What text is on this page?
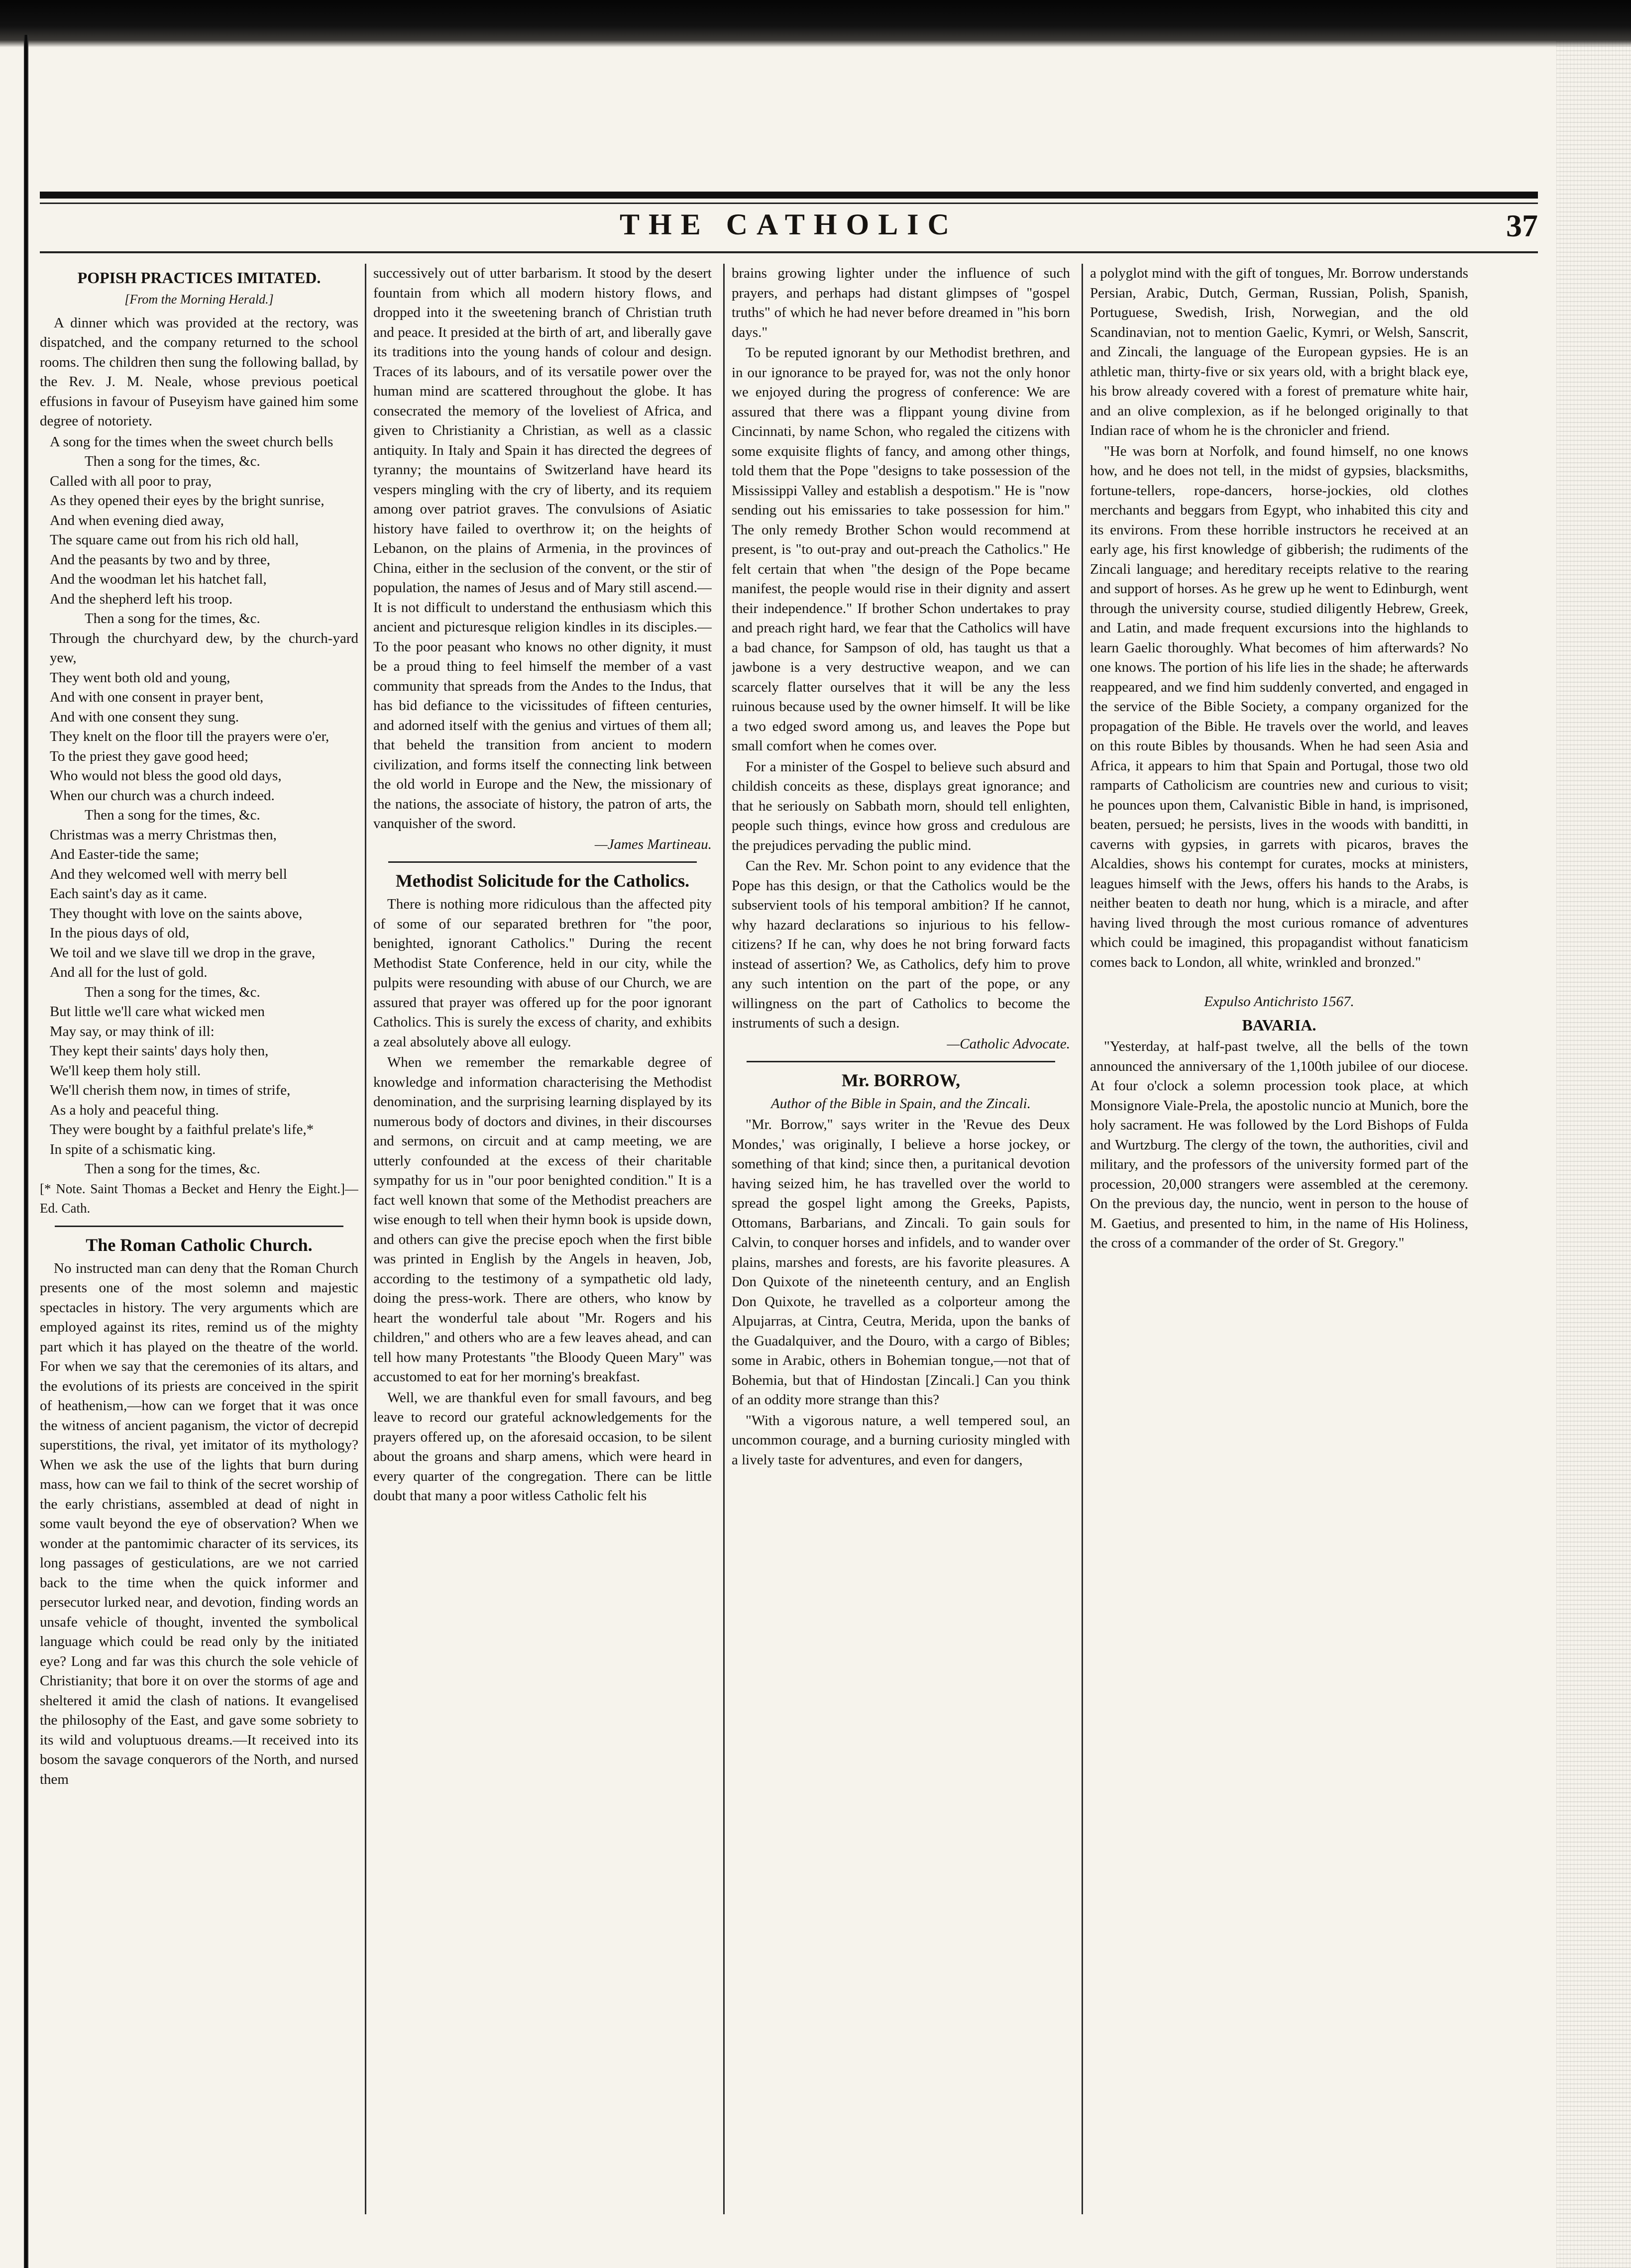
THE CATHOLIC	37
POPISH PRACTICES IMITATED.
[From the Morning Herald.]

A dinner which was provided at the rectory, was dispatched, and the company returned to the school rooms. The children then sung the following ballad, by the Rev. J. M. Neale, whose previous poetical effusions in favour of Puseyism have gained him some degree of notoriety.

A song for the times when the sweet church bells
Then a song for the times, &c.
Called with all poor to pray,
As they opened their eyes by the bright sunrise,
And when evening died away,
The square came out from his rich old hall,
And the peasants by two and by three,
And the woodman let his hatchet fall,
And the shepherd left his troop.
Then a song for the times, &c.
Through the churchyard dew, by the church-yard yew,
They went both old and young,
And with one consent in prayer bent,
And with one consent they sung.
They knelt on the floor till the prayers were o'er,
To the priest they gave good heed;
Who would not bless the good old days,
When our church was a church indeed.
Then a song for the times, &c.
Christmas was a merry Christmas then,
And Easter-tide the same;
And they welcomed well with merry bell
Each saint's day as it came.
They thought with love on the saints above,
In the pious days of old,
We toil and we slave till we drop in the grave,
And all for the lust of gold.
Then a song for the times, &c.
But little we'll care what wicked men
May say, or may think of ill:
They kept their saints' days holy then,
We'll keep them holy still.
We'll cherish them now, in times of strife,
As a holy and peaceful thing.
They were bought by a faithful prelate's life,*
In spite of a schismatic king.
Then a song for the times, &c.

[* Note. Saint Thomas a Becket and Henry the Eight.]—Ed. Cath.

The Roman Catholic Church.

No instructed man can deny that the Roman Church presents one of the most solemn and majestic spectacles in history. The very arguments which are employed against its rites, remind us of the mighty part which it has played on the theatre of the world. For when we say that the ceremonies of its altars, and the evolutions of its priests are conceived in the spirit of heathenism,—how can we forget that it was once the witness of ancient paganism, the victor of decrepid superstitions, the rival, yet imitator of its mythology? When we ask the use of the lights that burn during mass, how can we fail to think of the secret worship of the early christians, assembled at dead of night in some vault beyond the eye of observation? When we wonder at the pantomimic character of its services, its long passages of gesticulations, are we not carried back to the time when the quick informer and persecutor lurked near, and devotion, finding words an unsafe vehicle of thought, invented the symbolical language which could be read only by the initiated eye? Long and far was this church the sole vehicle of Christianity; that bore it on over the storms of age and sheltered it amid the clash of nations. It evangelised the philosophy of the East, and gave some sobriety to its wild and voluptuous dreams.—It received into its bosom the savage conquerors of the North, and nursed them

successively out of utter barbarism. It stood by the desert fountain from which all modern history flows, and dropped into it the sweetening branch of Christian truth and peace. It presided at the birth of art, and liberally gave its traditions into the young hands of colour and design. Traces of its labours, and of its versatile power over the human mind are scattered throughout the globe. It has consecrated the memory of the loveliest of Africa, and given to Christianity a Christian, as well as a classic antiquity. In Italy and Spain it has directed the degrees of tyranny; the mountains of Switzerland have heard its vespers mingling with the cry of liberty, and its requiem among over patriot graves. The convulsions of Asiatic history have failed to overthrow it; on the heights of Lebanon, on the plains of Armenia, in the provinces of China, either in the seclusion of the convent, or the stir of population, the names of Jesus and of Mary still ascend.—It is not difficult to understand the enthusiasm which this ancient and picturesque religion kindles in its disciples.—To the poor peasant who knows no other dignity, it must be a proud thing to feel himself the member of a vast community that spreads from the Andes to the Indus, that has bid defiance to the vicissitudes of fifteen centuries, and adorned itself with the genius and virtues of them all; that beheld the transition from ancient to modern civilization, and forms itself the connecting link between the old world in Europe and the New, the missionary of the nations, the associate of history, the patron of arts, the vanquisher of the sword.

—James Martineau.

Methodist Solicitude for the Catholics.

There is nothing more ridiculous than the affected pity of some of our separated brethren for "the poor, benighted, ignorant Catholics." During the recent Methodist State Conference, held in our city, while the pulpits were resounding with abuse of our Church, we are assured that prayer was offered up for the poor ignorant Catholics. This is surely the excess of charity, and exhibits a zeal absolutely above all eulogy.

When we remember the remarkable degree of knowledge and information characterising the Methodist denomination, and the surprising learning displayed by its numerous body of doctors and divines, in their discourses and sermons, on circuit and at camp meeting, we are utterly confounded at the excess of their charitable sympathy for us in "our poor benighted condition." It is a fact well known that some of the Methodist preachers are wise enough to tell when their hymn book is upside down, and others can give the precise epoch when the first bible was printed in English by the Angels in heaven, Job, according to the testimony of a sympathetic old lady, doing the press-work. There are others, who know by heart the wonderful tale about "Mr. Rogers and his children," and others who are a few leaves ahead, and can tell how many Protestants "the Bloody Queen Mary" was accustomed to eat for her morning's breakfast.

Well, we are thankful even for small favours, and beg leave to record our grateful acknowledgements for the prayers offered up, on the aforesaid occasion, to be silent about the groans and sharp amens, which were heard in every quarter of the congregation. There can be little doubt that many a poor witless Catholic felt his

brains growing lighter under the influence of such prayers, and perhaps had distant glimpses of "gospel truths" of which he had never before dreamed in "his born days."

To be reputed ignorant by our Methodist brethren, and in our ignorance to be prayed for, was not the only honor we enjoyed during the progress of conference: We are assured that there was a flippant young divine from Cincinnati, by name Schon, who regaled the citizens with some exquisite flights of fancy, and among other things, told them that the Pope "designs to take possession of the Mississippi Valley and establish a despotism." He is "now sending out his emissaries to take possession for him." The only remedy Brother Schon would recommend at present, is "to out-pray and out-preach the Catholics." He felt certain that when "the design of the Pope became manifest, the people would rise in their dignity and assert their independence." If brother Schon undertakes to pray and preach right hard, we fear that the Catholics will have a bad chance, for Sampson of old, has taught us that a jawbone is a very destructive weapon, and we can scarcely flatter ourselves that it will be any the less ruinous because used by the owner himself. It will be like a two edged sword among us, and leaves the Pope but small comfort when he comes over.

For a minister of the Gospel to believe such absurd and childish conceits as these, displays great ignorance; and that he seriously on Sabbath morn, should tell enlighten, people such things, evince how gross and credulous are the prejudices pervading the public mind.

Can the Rev. Mr. Schon point to any evidence that the Pope has this design, or that the Catholics would be the subservient tools of his temporal ambition? If he cannot, why hazard declarations so injurious to his fellow-citizens? If he can, why does he not bring forward facts instead of assertion? We, as Catholics, defy him to prove any such intention on the part of the pope, or any willingness on the part of Catholics to become the instruments of such a design.

—Catholic Advocate.

Mr. BORROW,
Author of the Bible in Spain, and the Zincali.

"Mr. Borrow," says writer in the 'Revue des Deux Mondes,' was originally, I believe a horse jockey, or something of that kind; since then, a puritanical devotion having seized him, he has travelled over the world to spread the gospel light among the Greeks, Papists, Ottomans, Barbarians, and Zincali. To gain souls for Calvin, to conquer horses and infidels, and to wander over plains, marshes and forests, are his favorite pleasures. A Don Quixote of the nineteenth century, and an English Don Quixote, he travelled as a colporteur among the Alpujarras, at Cintra, Ceutra, Merida, upon the banks of the Guadalquiver, and the Douro, with a cargo of Bibles; some in Arabic, others in Bohemian tongue,—not that of Bohemia, but that of Hindostan [Zincali.] Can you think of an oddity more strange than this?

"With a vigorous nature, a well tempered soul, an uncommon courage, and a burning curiosity mingled with a lively taste for adventures, and even for dangers,

a polyglot mind with the gift of tongues, Mr. Borrow understands Persian, Arabic, Dutch, German, Russian, Polish, Spanish, Portuguese, Swedish, Irish, Norwegian, and the old Scandinavian, not to mention Gaelic, Kymri, or Welsh, Sanscrit, and Zincali, the language of the European gypsies. He is an athletic man, thirty-five or six years old, with a bright black eye, his brow already covered with a forest of premature white hair, and an olive complexion, as if he belonged originally to that Indian race of whom he is the chronicler and friend.

"He was born at Norfolk, and found himself, no one knows how, and he does not tell, in the midst of gypsies, blacksmiths, fortune-tellers, rope-dancers, horse-jockies, old clothes merchants and beggars from Egypt, who inhabited this city and its environs. From these horrible instructors he received at an early age, his first knowledge of gibberish; the rudiments of the Zincali language; and hereditary receipts relative to the rearing and support of horses. As he grew up he went to Edinburgh, went through the university course, studied diligently Hebrew, Greek, and Latin, and made frequent excursions into the highlands to learn Gaelic thoroughly. What becomes of him afterwards? No one knows. The portion of his life lies in the shade; he afterwards reappeared, and we find him suddenly converted, and engaged in the service of the Bible Society, a company organized for the propagation of the Bible. He travels over the world, and leaves on this route Bibles by thousands. When he had seen Asia and Africa, it appears to him that Spain and Portugal, those two old ramparts of Catholicism are countries new and curious to visit; he pounces upon them, Calvanistic Bible in hand, is imprisoned, beaten, persued; he persists, lives in the woods with banditti, in caverns with gypsies, in garrets with picaros, braves the Alcaldies, shows his contempt for curates, mocks at ministers, leagues himself with the Jews, offers his hands to the Arabs, is neither beaten to death nor hung, which is a miracle, and after having lived through the most curious romance of adventures which could be imagined, this propagandist without fanaticism comes back to London, all white, wrinkled and bronzed."

Expulso Antichristo 1567.
BAVARIA.

"Yesterday, at half-past twelve, all the bells of the town announced the anniversary of the 1,100th jubilee of our diocese. At four o'clock a solemn procession took place, at which Monsignore Viale-Prela, the apostolic nuncio at Munich, bore the holy sacrament. He was followed by the Lord Bishops of Fulda and Wurtzburg. The clergy of the town, the authorities, civil and military, and the professors of the university formed part of the procession, 20,000 strangers were assembled at the ceremony. On the previous day, the nuncio, went in person to the house of M. Gaetius, and presented to him, in the name of His Holiness, the cross of a commander of the order of St. Gregory."
